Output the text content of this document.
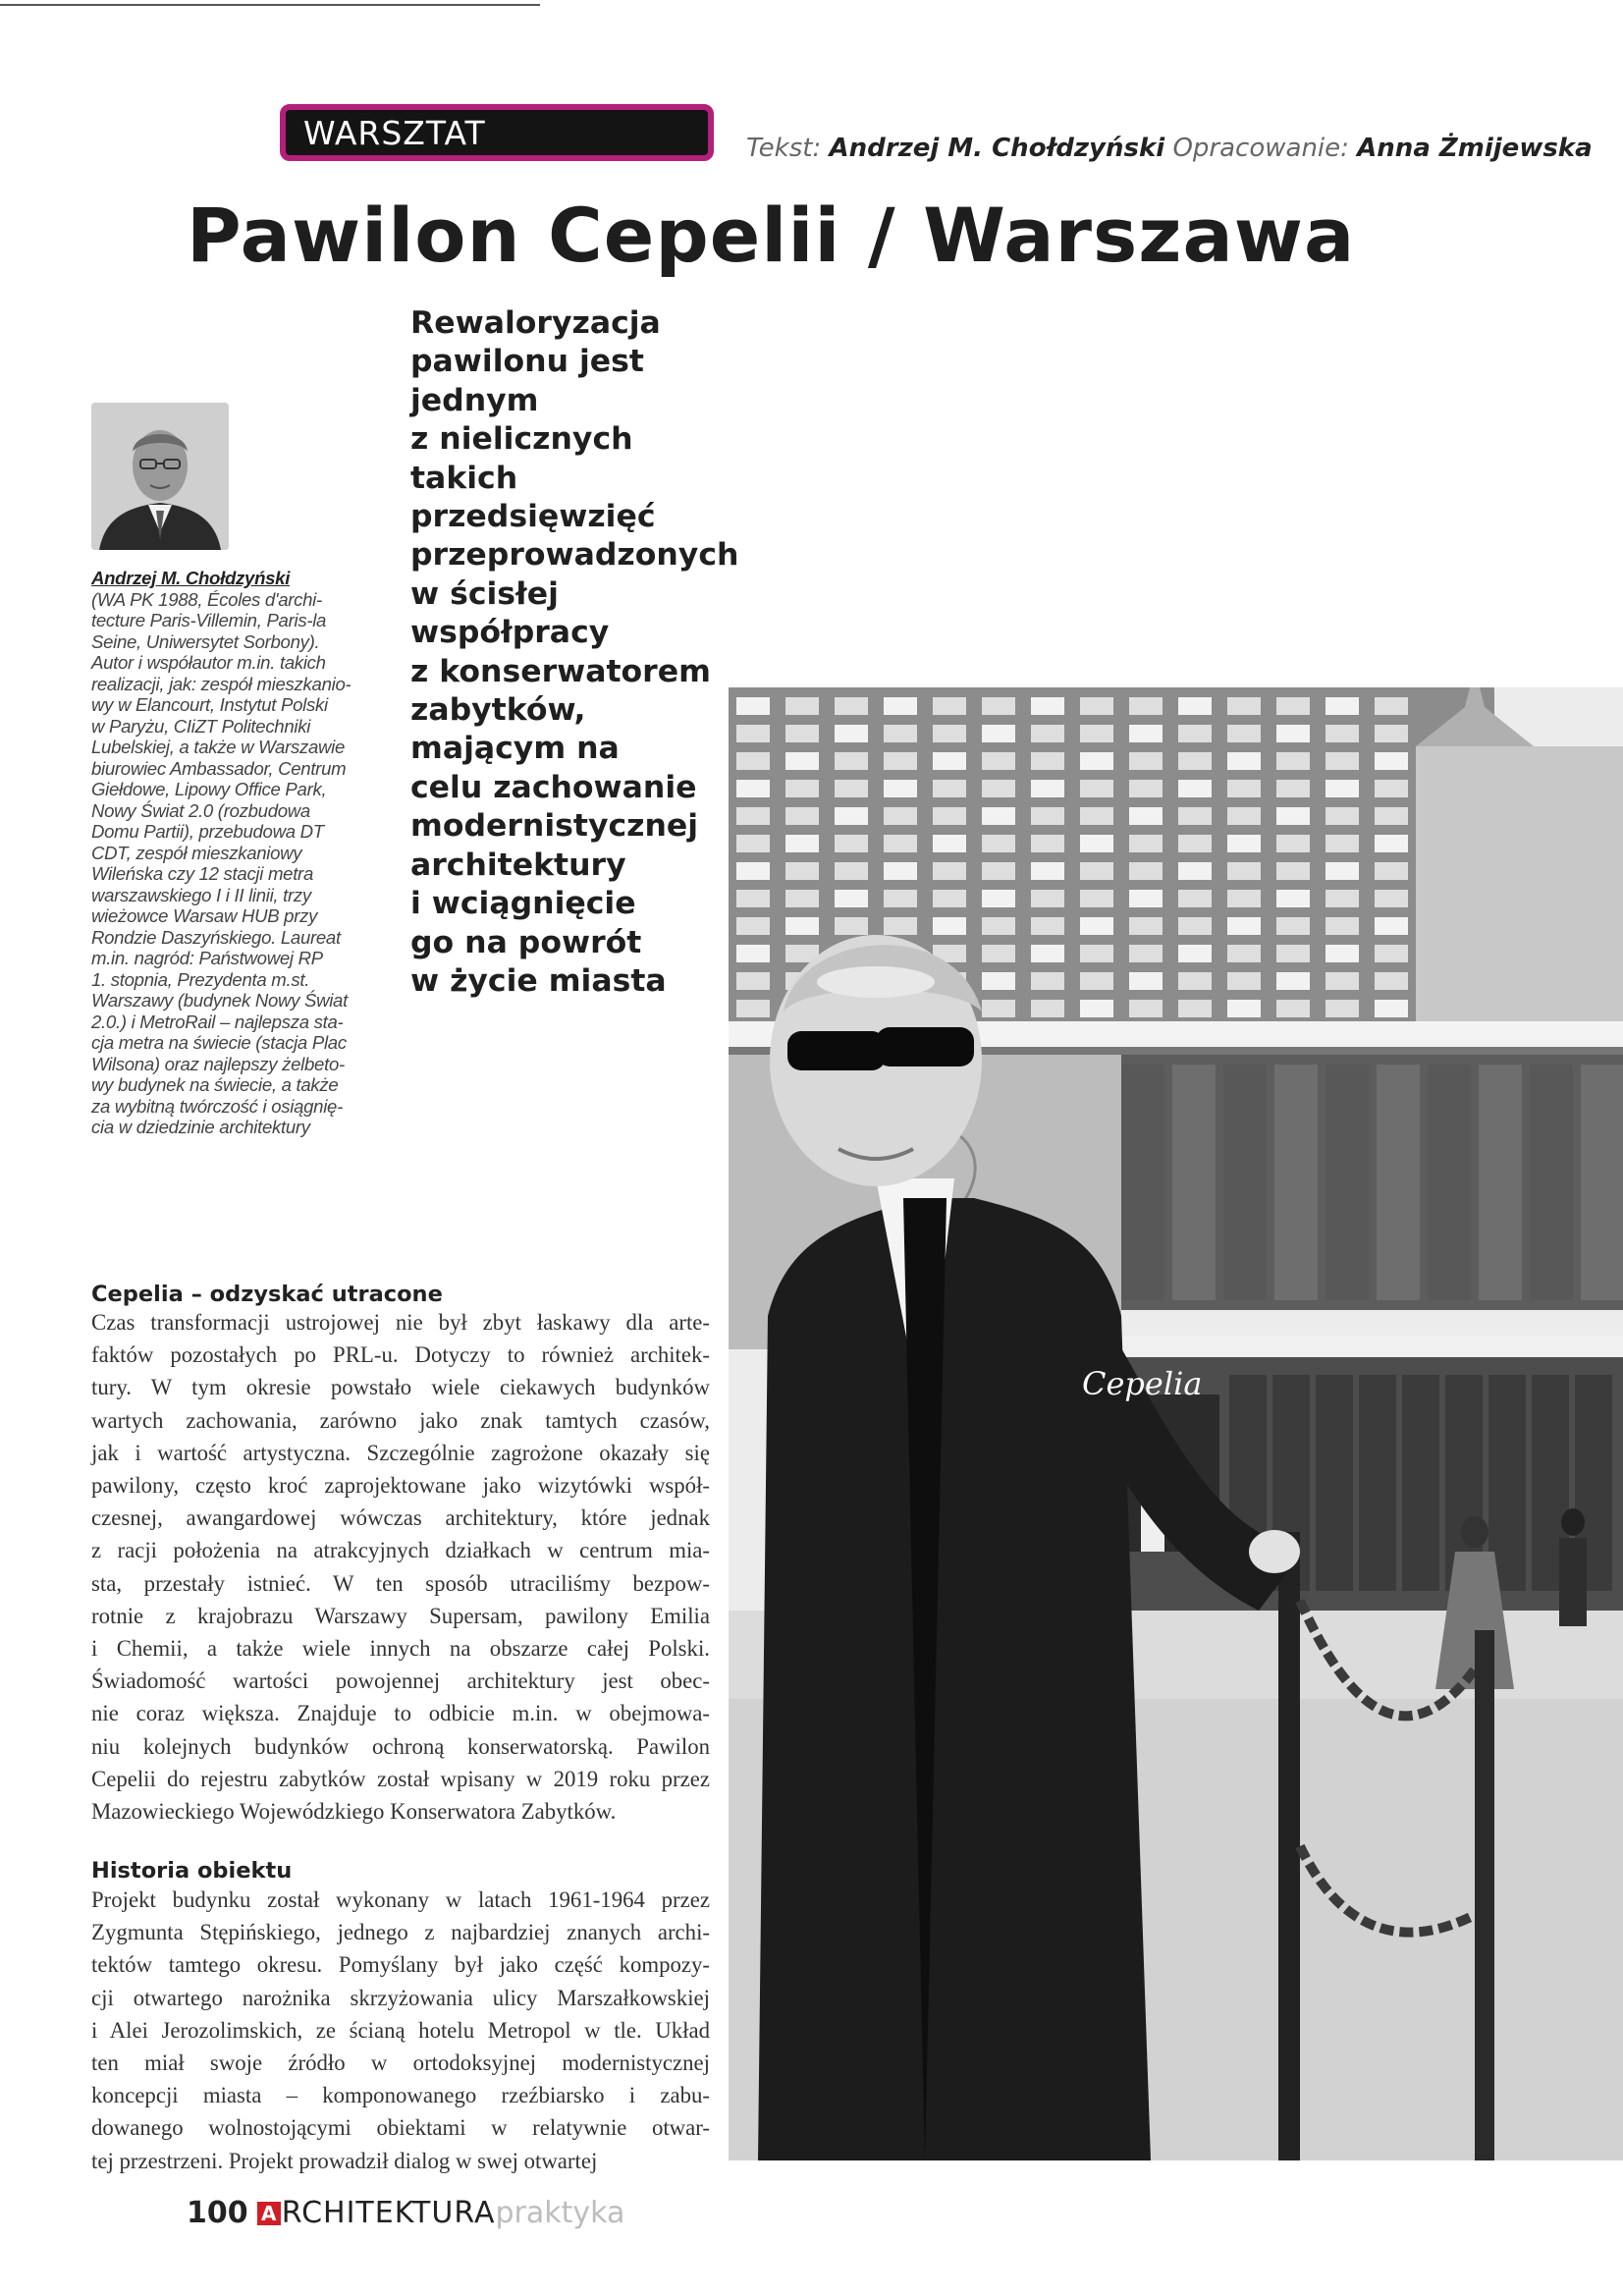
WARSZTAT	Tekst: Andrzej M. Chołdzyński Opracowanie: Anna Żmijewska
Pawilon Cepelii / Warszawa
Rewaloryzacja
pawilonu jest
jednym
z nielicznych
takich
przedsięwzięć
przeprowadzonych
w ścisłej
współpracy
z konserwatorem
zabytków,
mającym na
celu zachowanie
modernistycznej
architektury
i wciągnięcie
go na powrót
w życie miasta
Andrzej M. Chołdzyński
(WA PK 1988, Écoles d'archi-
tecture Paris-Villemin, Paris-la
Seine, Uniwersytet Sorbony).
Autor i współautor m.in. takich
realizacji, jak: zespół mieszkanio-
wy w Elancourt, Instytut Polski
w Paryżu, CIiZT Politechniki
Lubelskiej, a także w Warszawie
biurowiec Ambassador, Centrum
Giełdowe, Lipowy Office Park,
Nowy Świat 2.0 (rozbudowa
Domu Partii), przebudowa DT
CDT, zespół mieszkaniowy
Wileńska czy 12 stacji metra
warszawskiego I i II linii, trzy
wieżowce Warsaw HUB przy
Rondzie Daszyńskiego. Laureat
m.in. nagród: Państwowej RP
1. stopnia, Prezydenta m.st.
Warszawy (budynek Nowy Świat
2.0.) i MetroRail – najlepsza sta-
cja metra na świecie (stacja Plac
Wilsona) oraz najlepszy żelbeto-
wy budynek na świecie, a także
za wybitną twórczość i osiągnię-
cia w dziedzinie architektury
Cepelia
Cepelia – odzyskać utracone
Czas transformacji ustrojowej nie był zbyt łaskawy dla arte-
faktów pozostałych po PRL-u. Dotyczy to również architek-
tury. W tym okresie powstało wiele ciekawych budynków
wartych zachowania, zarówno jako znak tamtych czasów,
jak i wartość artystyczna. Szczególnie zagrożone okazały się
pawilony, często kroć zaprojektowane jako wizytówki współ-
czesnej, awangardowej wówczas architektury, które jednak
z racji położenia na atrakcyjnych działkach w centrum mia-
sta, przestały istnieć. W ten sposób utraciliśmy bezpow-
rotnie z krajobrazu Warszawy Supersam, pawilony Emilia
i Chemii, a także wiele innych na obszarze całej Polski.
Świadomość wartości powojennej architektury jest obec-
nie coraz większa. Znajduje to odbicie m.in. w obejmowa-
niu kolejnych budynków ochroną konserwatorską. Pawilon
Cepelii do rejestru zabytków został wpisany w 2019 roku przez
Mazowieckiego Wojewódzkiego Konserwatora Zabytków.
Historia obiektu
Projekt budynku został wykonany w latach 1961-1964 przez
Zygmunta Stępińskiego, jednego z najbardziej znanych archi-
tektów tamtego okresu. Pomyślany był jako część kompozy-
cji otwartego narożnika skrzyżowania ulicy Marszałkowskiej
i Alei Jerozolimskich, ze ścianą hotelu Metropol w tle. Układ
ten miał swoje źródło w ortodoksyjnej modernistycznej
koncepcji miasta – komponowanego rzeźbiarsko i zabu-
dowanego wolnostojącymi obiektami w relatywnie otwar-
tej przestrzeni. Projekt prowadził dialog w swej otwartej
100 A RCHITEKTURApraktyka
